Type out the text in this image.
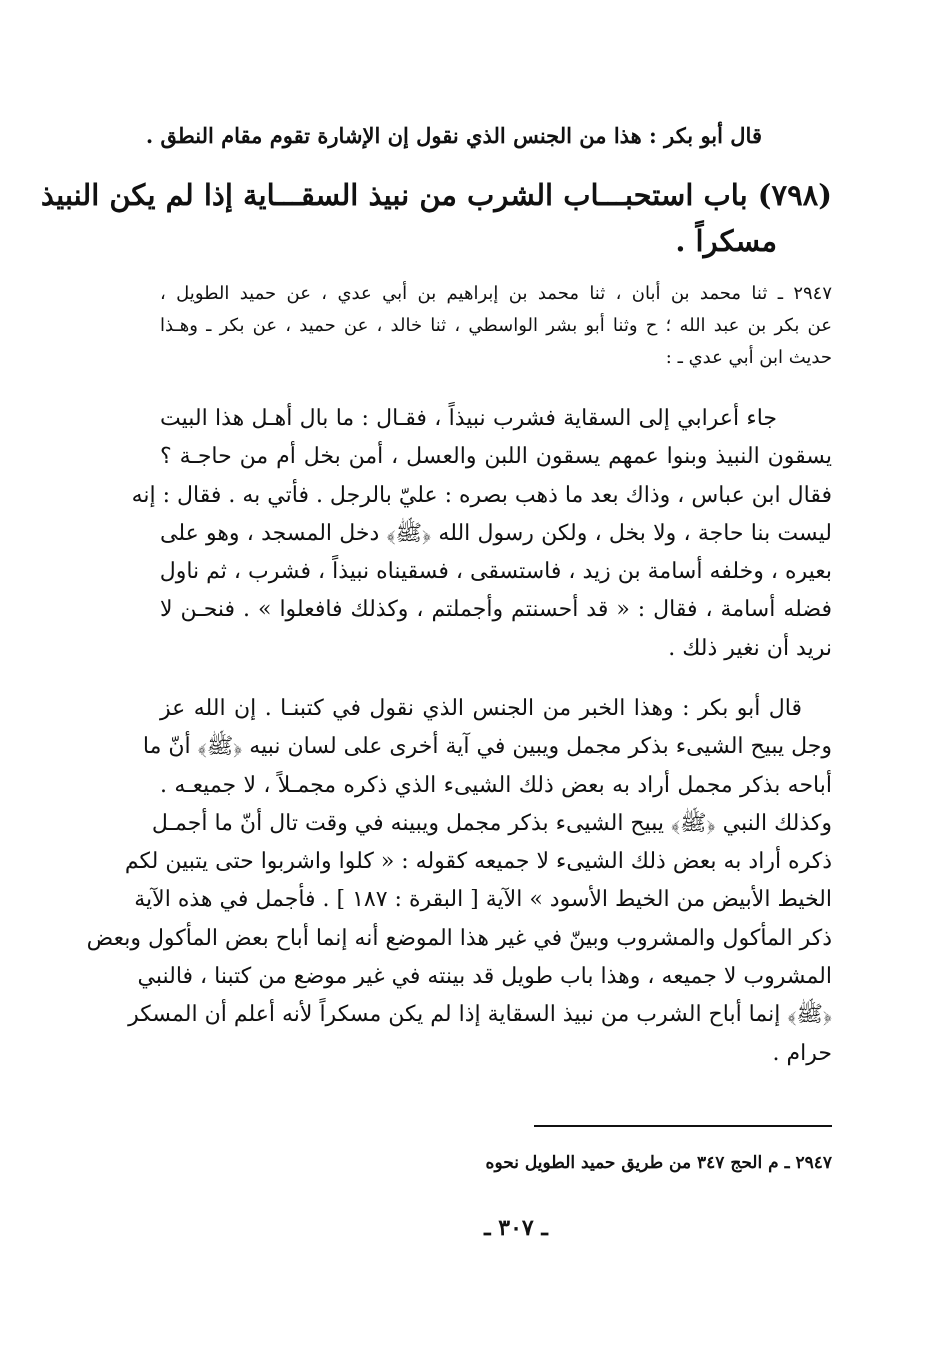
قال أبو بكر : هذا من الجنس الذي نقول إن الإشارة تقوم مقام النطق .
(٧٩٨) باب استحبـــاب الشرب من نبيذ السقـــاية إذا لم يكن النبيذ
مسكراً .
٢٩٤٧ ـ ثنا محمد بن أبان ، ثنا محمد بن إبراهيم بن أبي عدي ، عن حميد الطويل ،
عن بكر بن عبد الله ؛ ح وثنا أبو بشر الواسطي ، ثنا خالد ، عن حميد ، عن بكر ـ وهـذا
حديث ابن أبي عدي ـ :
جاء أعرابي إلى السقاية فشرب نبيذاً ، فقـال : ما بال أهـل هذا البيت
يسقون النبيذ وبنوا عمهم يسقون اللبن والعسل ، أمن بخل أم من حاجـة ؟
فقال ابن عباس ، وذاك بعد ما ذهب بصره : عليّ بالرجل . فأتي به . فقال : إنه
ليست بنا حاجة ، ولا بخل ، ولكن رسول الله ﴿ﷺ﴾ دخل المسجد ، وهو على
بعيره ، وخلفه أسامة بن زيد ، فاستسقى ، فسقيناه نبيذاً ، فشرب ، ثم ناول
فضله أسامة ، فقال : « قد أحسنتم وأجملتم ، وكذلك فافعلوا » . فنحـن لا
نريد أن نغير ذلك .
قال أبو بكر : وهذا الخبر من الجنس الذي نقول في كتبنـا . إن الله عز
وجل يبيح الشيىء بذكر مجمل ويبين في آية أخرى على لسان نبيه ﴿ﷺ﴾ أنّ ما
أباحه بذكر مجمل أراد به بعض ذلك الشيىء الذي ذكره مجمـلاً ، لا جميعـه .
وكذلك النبي ﴿ﷺ﴾ يبيح الشيىء بذكر مجمل ويبينه في وقت تال أنّ ما أجمـل
ذكره أراد به بعض ذلك الشيىء لا جميعه كقوله : « كلوا واشربوا حتى يتبين لكم
الخيط الأبيض من الخيط الأسود » الآية [ البقرة : ١٨٧ ] . فأجمل في هذه الآية
ذكر المأكول والمشروب وبينّ في غير هذا الموضع أنه إنما أباح بعض المأكول وبعض
المشروب لا جميعه ، وهذا باب طويل قد بينته في غير موضع من كتبنا ، فالنبي
﴿ﷺ﴾ إنما أباح الشرب من نبيذ السقاية إذا لم يكن مسكراً لأنه أعلم أن المسكر
حرام .
٢٩٤٧ ـ م الحج ٣٤٧ من طريق حميد الطويل نحوه
ـ ٣٠٧ ـ
